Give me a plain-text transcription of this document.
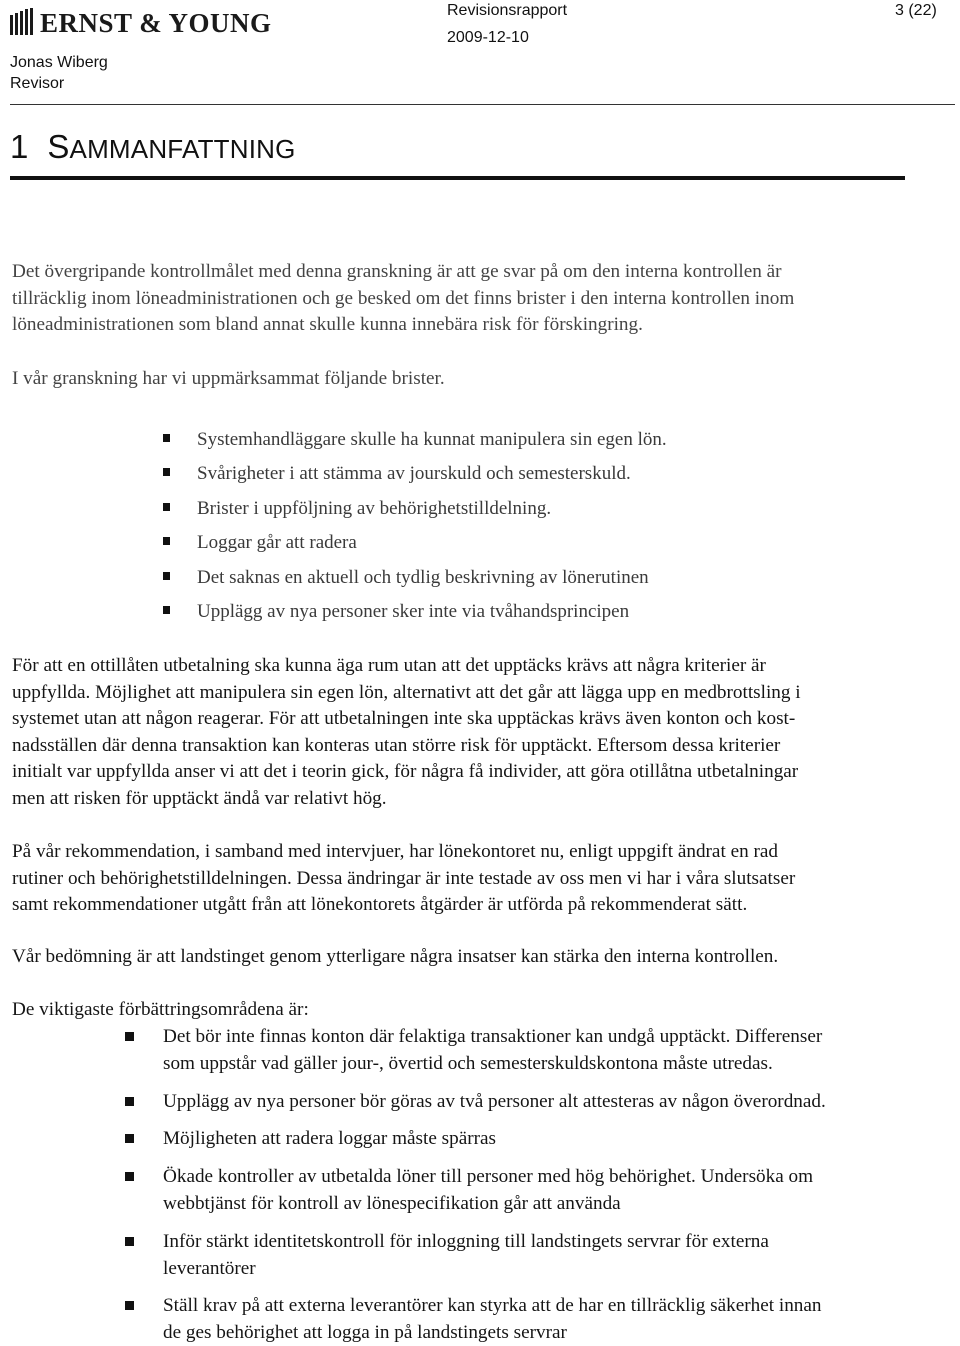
ERNST & YOUNG
Jonas Wiberg
Revisor
Revisionsrapport
2009-12-10
3 (22)
1 SAMMANFATTNING
Det övergripande kontrollmålet med denna granskning är att ge svar på om den interna kontrollen är
tillräcklig inom löneadministrationen och ge besked om det finns brister i den interna kontrollen inom
löneadministrationen som bland annat skulle kunna innebära risk för förskingring.
I vår granskning har vi uppmärksammat följande brister.
Systemhandläggare skulle ha kunnat manipulera sin egen lön.
Svårigheter i att stämma av jourskuld och semesterskuld.
Brister i uppföljning av behörighetstilldelning.
Loggar går att radera
Det saknas en aktuell och tydlig beskrivning av lönerutinen
Upplägg av nya personer sker inte via tvåhandsprincipen
För att en ottillåten utbetalning ska kunna äga rum utan att det upptäcks krävs att några kriterier är
uppfyllda. Möjlighet att manipulera sin egen lön, alternativt att det går att lägga upp en medbrottsling i
systemet utan att någon reagerar. För att utbetalningen inte ska upptäckas krävs även konton och kost-
nadsställen där denna transaktion kan konteras utan större risk för upptäckt. Eftersom dessa kriterier
initialt var uppfyllda anser vi att det i teorin gick, för några få individer, att göra otillåtna utbetalningar
men att risken för upptäckt ändå var relativt hög.
På vår rekommendation, i samband med intervjuer, har lönekontoret nu, enligt uppgift ändrat en rad
rutiner och behörighetstilldelningen. Dessa ändringar är inte testade av oss men vi har i våra slutsatser
samt rekommendationer utgått från att lönekontorets åtgärder är utförda på rekommenderat sätt.
Vår bedömning är att landstinget genom ytterligare några insatser kan stärka den interna kontrollen.
De viktigaste förbättringsområdena är:
Det bör inte finnas konton där felaktiga transaktioner kan undgå upptäckt. Differenser
som uppstår vad gäller jour-, övertid och semesterskuldskontona måste utredas.
Upplägg av nya personer bör göras av två personer alt attesteras av någon överordnad.
Möjligheten att radera loggar måste spärras
Ökade kontroller av utbetalda löner till personer med hög behörighet. Undersöka om
webbtjänst för kontroll av lönespecifikation går att använda
Inför stärkt identitetskontroll för inloggning till landstingets servrar för externa
leverantörer
Ställ krav på att externa leverantörer kan styrka att de har en tillräcklig säkerhet innan
de ges behörighet att logga in på landstingets servrar
